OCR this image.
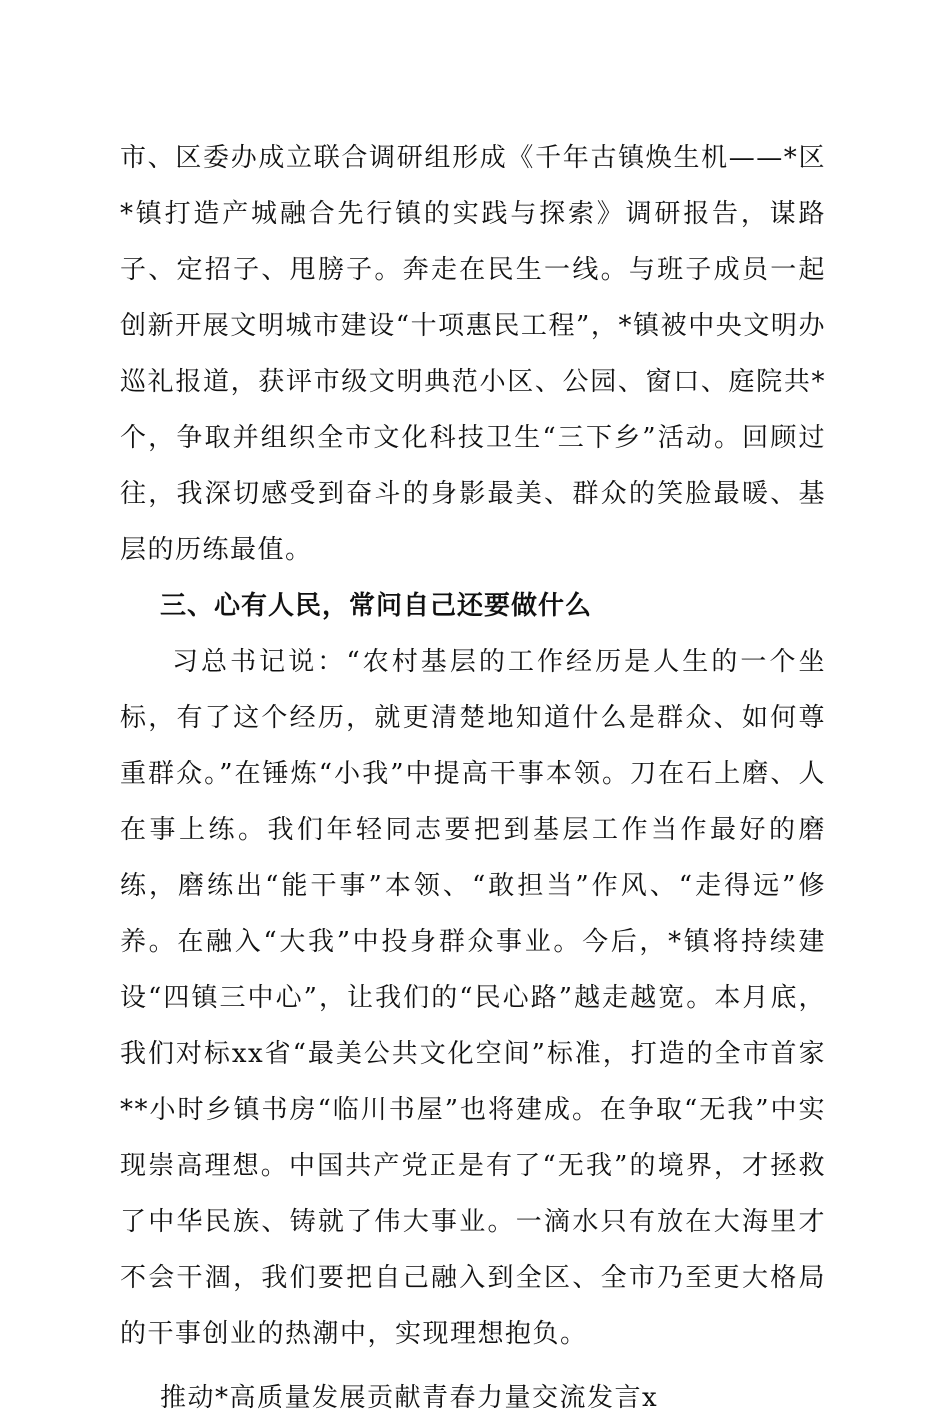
市、区委办成立联合调研组形成《千年古镇焕生机——*区*镇打造产城融合先行镇的实践与探索》调研报告，谋路子、定招子、甩膀子。奔走在民生一线。与班子成员一起创新开展文明城市建设“十项惠民工程”，*镇被中央文明办巡礼报道，获评市级文明典范小区、公园、窗口、庭院共*个，争取并组织全市文化科技卫生“三下乡”活动。回顾过往，我深切感受到奋斗的身影最美、群众的笑脸最暖、基层的历练最值。

三、心有人民，常问自己还要做什么

习总书记说：“农村基层的工作经历是人生的一个坐标，有了这个经历，就更清楚地知道什么是群众、如何尊重群众。”在锤炼“小我”中提高干事本领。刀在石上磨、人在事上练。我们年轻同志要把到基层工作当作最好的磨练，磨练出“能干事”本领、“敢担当”作风、“走得远”修养。在融入“大我”中投身群众事业。今后，*镇将持续建设“四镇三中心”，让我们的“民心路”越走越宽。本月底，我们对标xx省“最美公共文化空间”标准，打造的全市首家**小时乡镇书房“临川书屋”也将建成。在争取“无我”中实现崇高理想。中国共产党正是有了“无我”的境界，才拯救了中华民族、铸就了伟大事业。一滴水只有放在大海里才不会干涸，我们要把自己融入到全区、全市乃至更大格局的干事创业的热潮中，实现理想抱负。

推动*高质量发展贡献青春力量交流发言x
